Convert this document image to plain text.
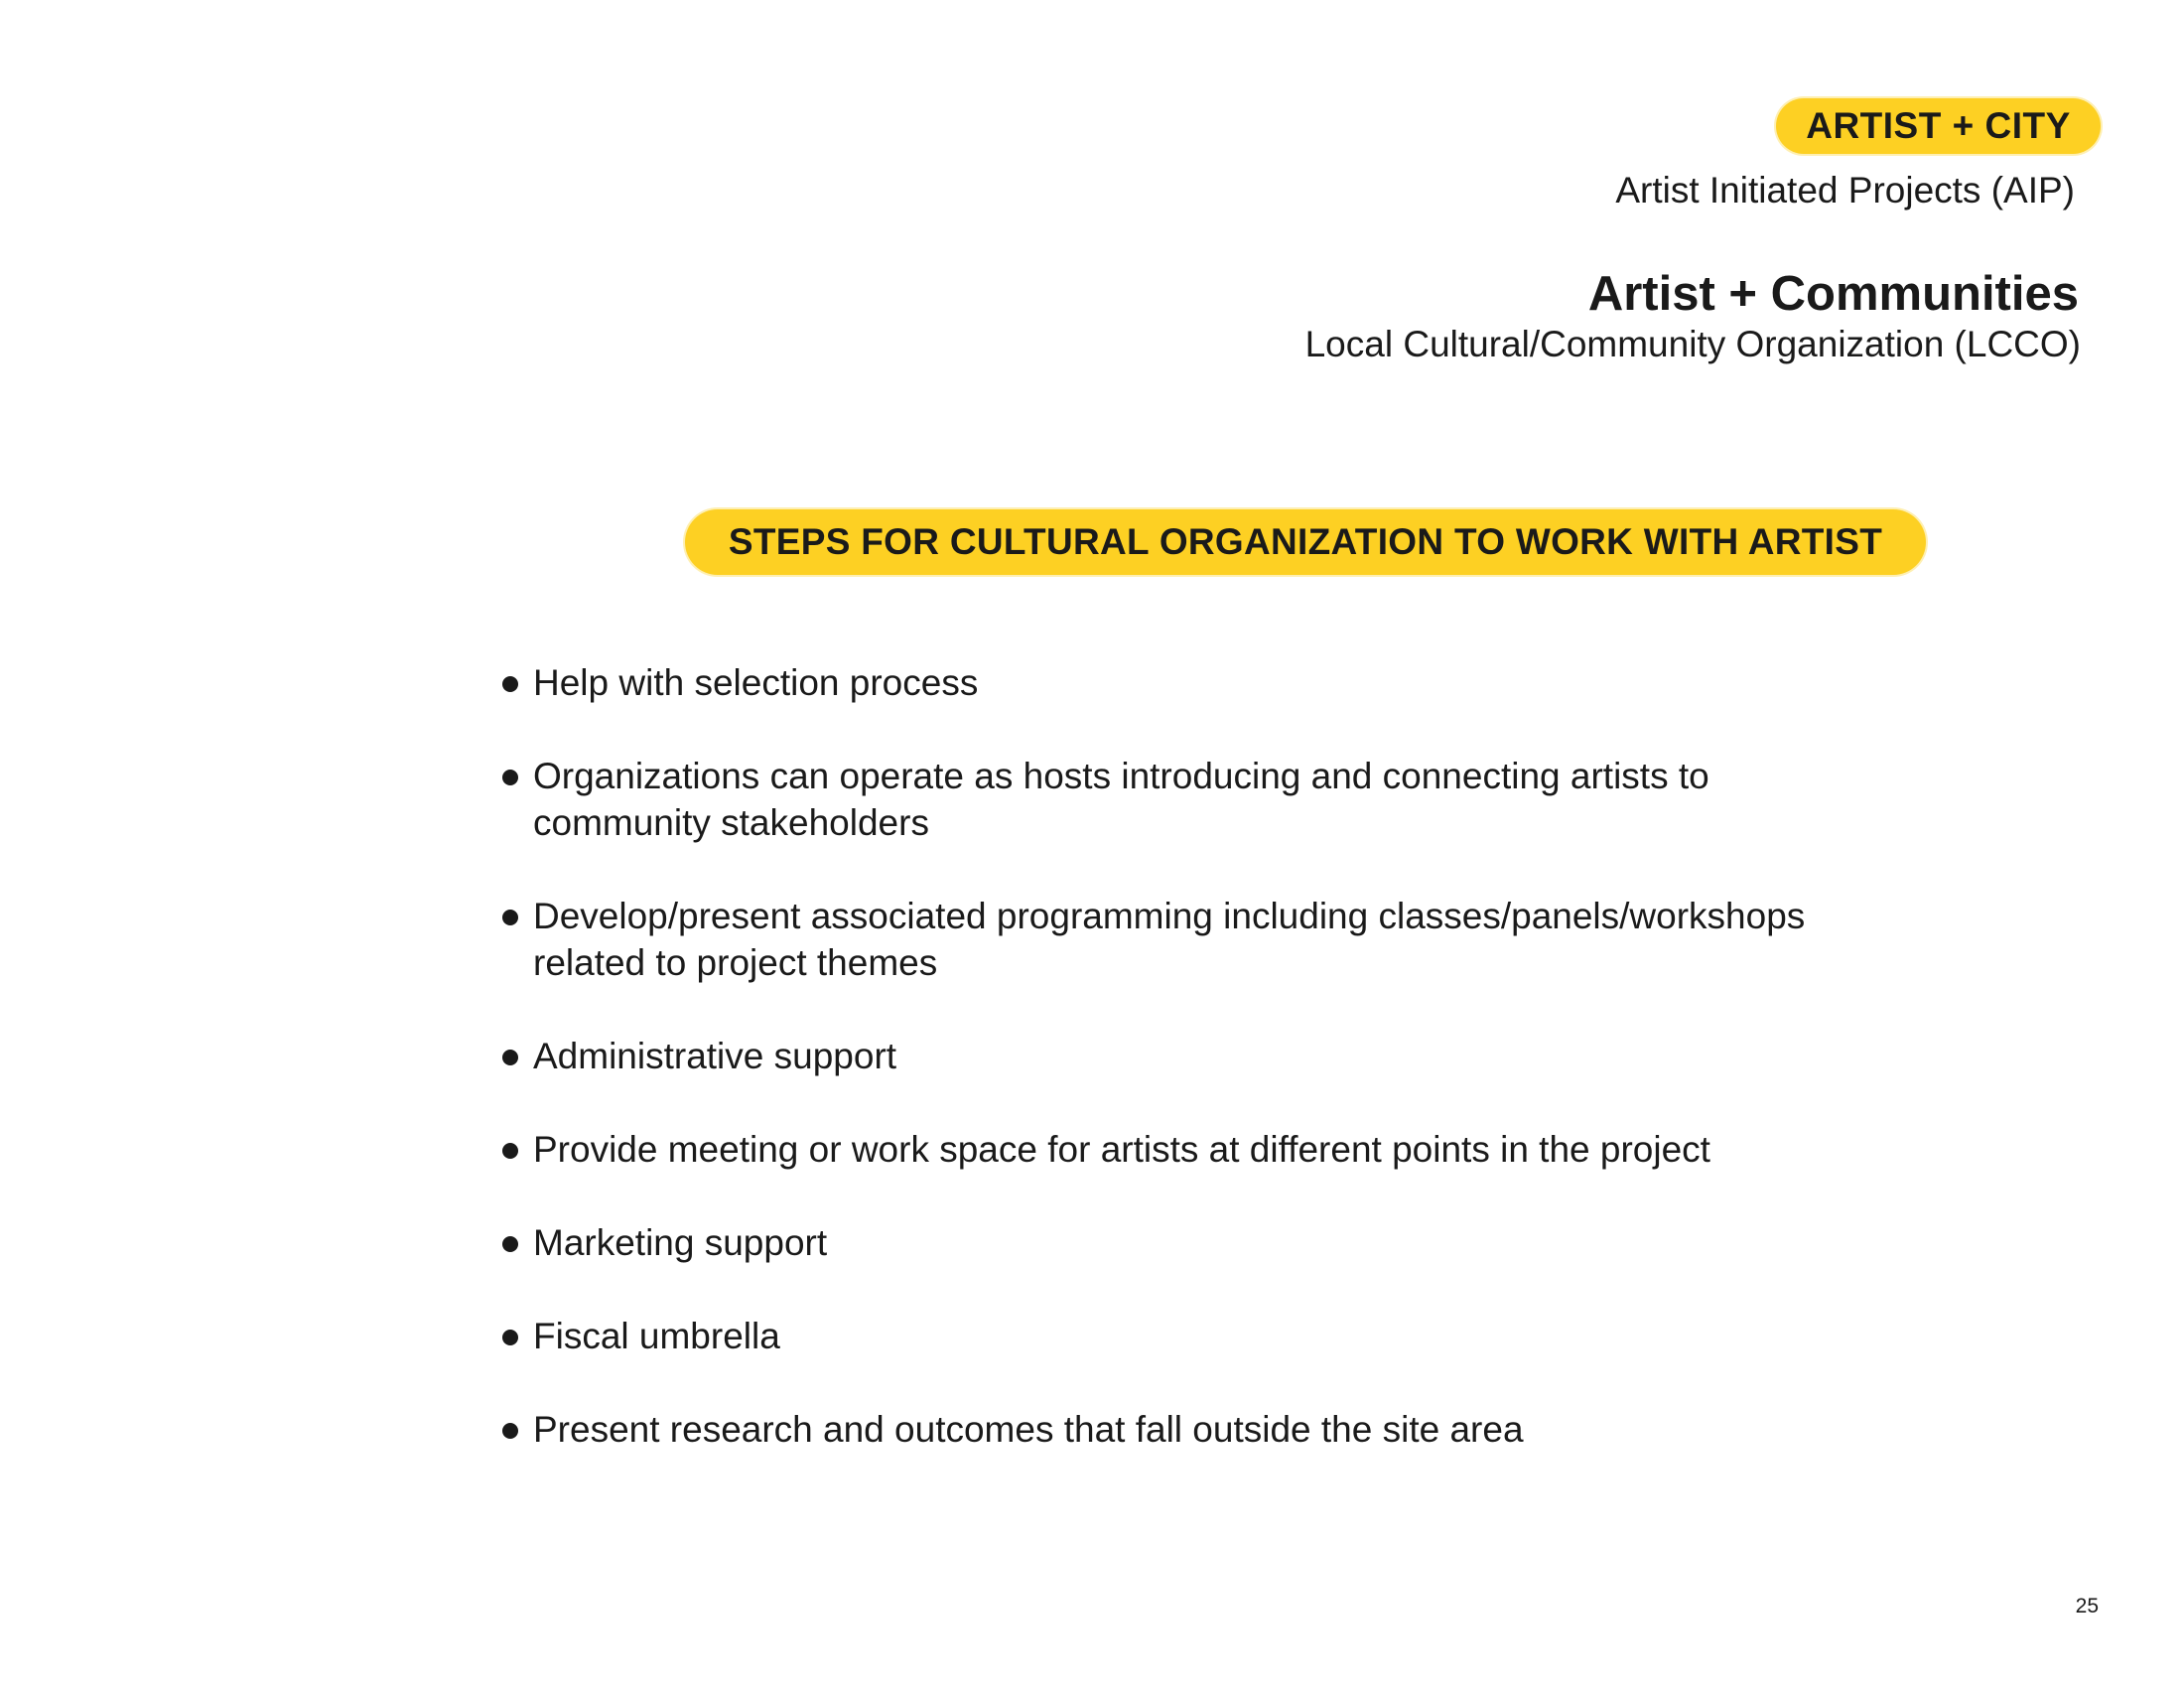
ARTIST + CITY
Artist Initiated Projects (AIP)
Artist + Communities
Local Cultural/Community Organization (LCCO)
STEPS FOR CULTURAL ORGANIZATION TO WORK WITH ARTIST
Help with selection process
Organizations can operate as hosts introducing and connecting artists to
community stakeholders
Develop/present associated programming including classes/panels/workshops
related to project themes
Administrative support
Provide meeting or work space for artists at different points in the project
Marketing support
Fiscal umbrella
Present research and outcomes that fall outside the site area
25
